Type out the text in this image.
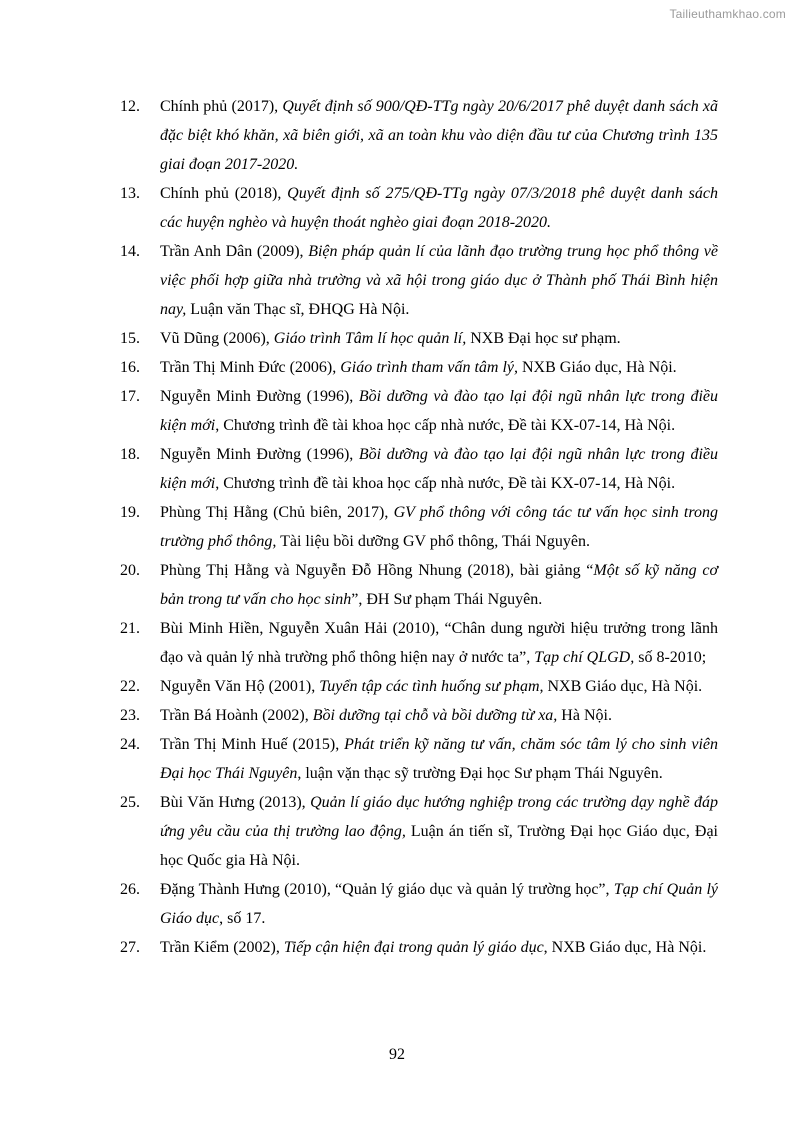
Tailieuthamkhao.com
12. Chính phủ (2017), Quyết định số 900/QĐ-TTg ngày 20/6/2017 phê duyệt danh sách xã đặc biệt khó khăn, xã biên giới, xã an toàn khu vào diện đầu tư của Chương trình 135 giai đoạn 2017-2020.
13. Chính phủ (2018), Quyết định số 275/QĐ-TTg ngày 07/3/2018 phê duyệt danh sách các huyện nghèo và huyện thoát nghèo giai đoạn 2018-2020.
14. Trần Anh Dân (2009), Biện pháp quản lí của lãnh đạo trường trung học phổ thông về việc phối hợp giữa nhà trường và xã hội trong giáo dục ở Thành phố Thái Bình hiện nay, Luận văn Thạc sĩ, ĐHQG Hà Nội.
15. Vũ Dũng (2006), Giáo trình Tâm lí học quản lí, NXB Đại học sư phạm.
16. Trần Thị Minh Đức (2006), Giáo trình tham vấn tâm lý, NXB Giáo dục, Hà Nội.
17. Nguyễn Minh Đường (1996), Bồi dưỡng và đào tạo lại đội ngũ nhân lực trong điều kiện mới, Chương trình đề tài khoa học cấp nhà nước, Đề tài KX-07-14, Hà Nội.
18. Nguyễn Minh Đường (1996), Bồi dưỡng và đào tạo lại đội ngũ nhân lực trong điều kiện mới, Chương trình đề tài khoa học cấp nhà nước, Đề tài KX-07-14, Hà Nội.
19. Phùng Thị Hằng (Chủ biên, 2017), GV phổ thông với công tác tư vấn học sinh trong trường phổ thông, Tài liệu bồi dưỡng GV phổ thông, Thái Nguyên.
20. Phùng Thị Hằng và Nguyễn Đỗ Hồng Nhung (2018), bài giảng “Một số kỹ năng cơ bản trong tư vấn cho học sinh”, ĐH Sư phạm Thái Nguyên.
21. Bùi Minh Hiền, Nguyễn Xuân Hải (2010), “Chân dung người hiệu trưởng trong lãnh đạo và quản lý nhà trường phổ thông hiện nay ở nước ta”, Tạp chí QLGD, số 8-2010;
22. Nguyễn Văn Hộ (2001), Tuyển tập các tình huống sư phạm, NXB Giáo dục, Hà Nội.
23. Trần Bá Hoành (2002), Bồi dưỡng tại chỗ và bồi dưỡng từ xa, Hà Nội.
24. Trần Thị Minh Huế (2015), Phát triển kỹ năng tư vấn, chăm sóc tâm lý cho sinh viên Đại học Thái Nguyên, luận vặn thạc sỹ trường Đại học Sư phạm Thái Nguyên.
25. Bùi Văn Hưng (2013), Quản lí giáo dục hướng nghiệp trong các trường dạy nghề đáp ứng yêu cầu của thị trường lao động, Luận án tiến sĩ, Trường Đại học Giáo dục, Đại học Quốc gia Hà Nội.
26. Đặng Thành Hưng (2010), “Quản lý giáo dục và quản lý trường học”, Tạp chí Quản lý Giáo dục, số 17.
27. Trần Kiểm (2002), Tiếp cận hiện đại trong quản lý giáo dục, NXB Giáo dục, Hà Nội.
92
